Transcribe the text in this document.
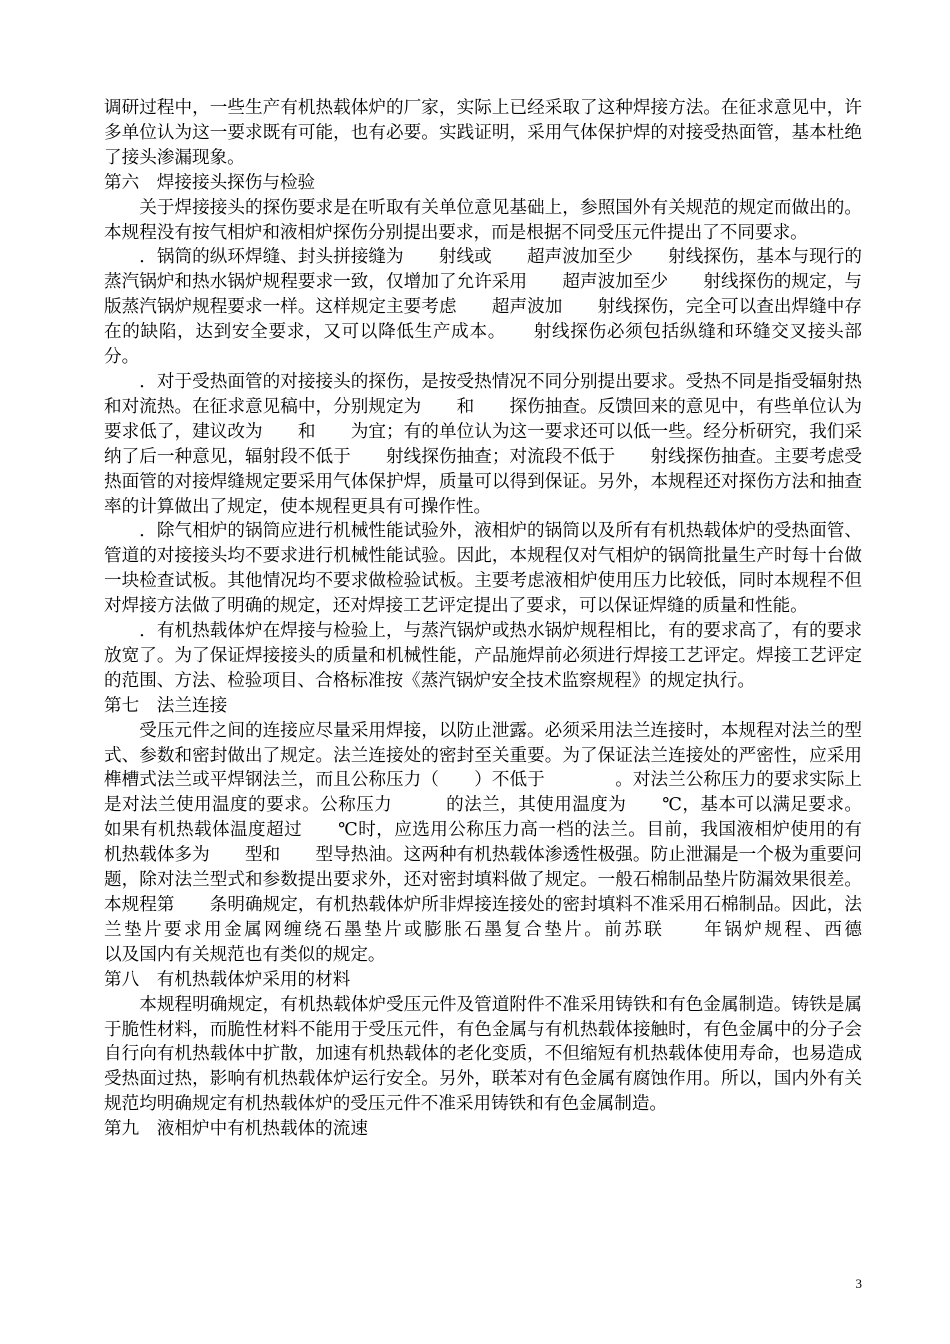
调研过程中，一些生产有机热载体炉的厂家，实际上已经采取了这种焊接方法。在征求意见中，许多单位认为这一要求既有可能，也有必要。实践证明，采用气体保护焊的对接受热面管，基本杜绝了接头渗漏现象。

第六　焊接接头探伤与检验

关于焊接接头的探伤要求是在听取有关单位意见基础上，参照国外有关规范的规定而做出的。本规程没有按气相炉和液相炉探伤分别提出要求，而是根据不同受压元件提出了不同要求。

．锅筒的纵环焊缝、封头拼接缝为　　射线或　　超声波加至少　　射线探伤，基本与现行的蒸汽锅炉和热水锅炉规程要求一致，仅增加了允许采用　　超声波加至少　　射线探伤的规定，与　　版蒸汽锅炉规程要求一样。这样规定主要考虑　　超声波加　　射线探伤，完全可以查出焊缝中存在的缺陷，达到安全要求，又可以降低生产成本。　　射线探伤必须包括纵缝和环缝交叉接头部分。

．对于受热面管的对接接头的探伤，是按受热情况不同分别提出要求。受热不同是指受辐射热和对流热。在征求意见稿中，分别规定为　　和　　探伤抽查。反馈回来的意见中，有些单位认为要求低了，建议改为　　和　　为宜；有的单位认为这一要求还可以低一些。经分析研究，我们采纳了后一种意见，辐射段不低于　　射线探伤抽查；对流段不低于　　射线探伤抽查。主要考虑受热面管的对接焊缝规定要采用气体保护焊，质量可以得到保证。另外，本规程还对探伤方法和抽查率的计算做出了规定，使本规程更具有可操作性。

．除气相炉的锅筒应进行机械性能试验外，液相炉的锅筒以及所有有机热载体炉的受热面管、管道的对接接头均不要求进行机械性能试验。因此，本规程仅对气相炉的锅筒批量生产时每十台做一块检查试板。其他情况均不要求做检验试板。主要考虑液相炉使用压力比较低，同时本规程不但对焊接方法做了明确的规定，还对焊接工艺评定提出了要求，可以保证焊缝的质量和性能。

．有机热载体炉在焊接与检验上，与蒸汽锅炉或热水锅炉规程相比，有的要求高了，有的要求放宽了。为了保证焊接接头的质量和机械性能，产品施焊前必须进行焊接工艺评定。焊接工艺评定的范围、方法、检验项目、合格标准按《蒸汽锅炉安全技术监察规程》的规定执行。

第七　法兰连接

受压元件之间的连接应尽量采用焊接，以防止泄露。必须采用法兰连接时，本规程对法兰的型式、参数和密封做出了规定。法兰连接处的密封至关重要。为了保证法兰连接处的严密性，应采用榫槽式法兰或平焊钢法兰，而且公称压力（　　）不低于　　　　。对法兰公称压力的要求实际上是对法兰使用温度的要求。公称压力　　　的法兰，其使用温度为　　℃，基本可以满足要求。如果有机热载体温度超过　　℃时，应选用公称压力高一档的法兰。目前，我国液相炉使用的有机热载体多为　　型和　　型导热油。这两种有机热载体渗透性极强。防止泄漏是一个极为重要问题，除对法兰型式和参数提出要求外，还对密封填料做了规定。一般石棉制品垫片防漏效果很差。本规程第　　条明确规定，有机热载体炉所非焊接连接处的密封填料不准采用石棉制品。因此，法兰垫片要求用金属网缠绕石墨垫片或膨胀石墨复合垫片。前苏联　　年锅炉规程、西德　　　　　以及国内有关规范也有类似的规定。

第八　有机热载体炉采用的材料

本规程明确规定，有机热载体炉受压元件及管道附件不准采用铸铁和有色金属制造。铸铁是属于脆性材料，而脆性材料不能用于受压元件，有色金属与有机热载体接触时，有色金属中的分子会自行向有机热载体中扩散，加速有机热载体的老化变质，不但缩短有机热载体使用寿命，也易造成受热面过热，影响有机热载体炉运行安全。另外，联苯对有色金属有腐蚀作用。所以，国内外有关规范均明确规定有机热载体炉的受压元件不准采用铸铁和有色金属制造。

第九　液相炉中有机热载体的流速

3
